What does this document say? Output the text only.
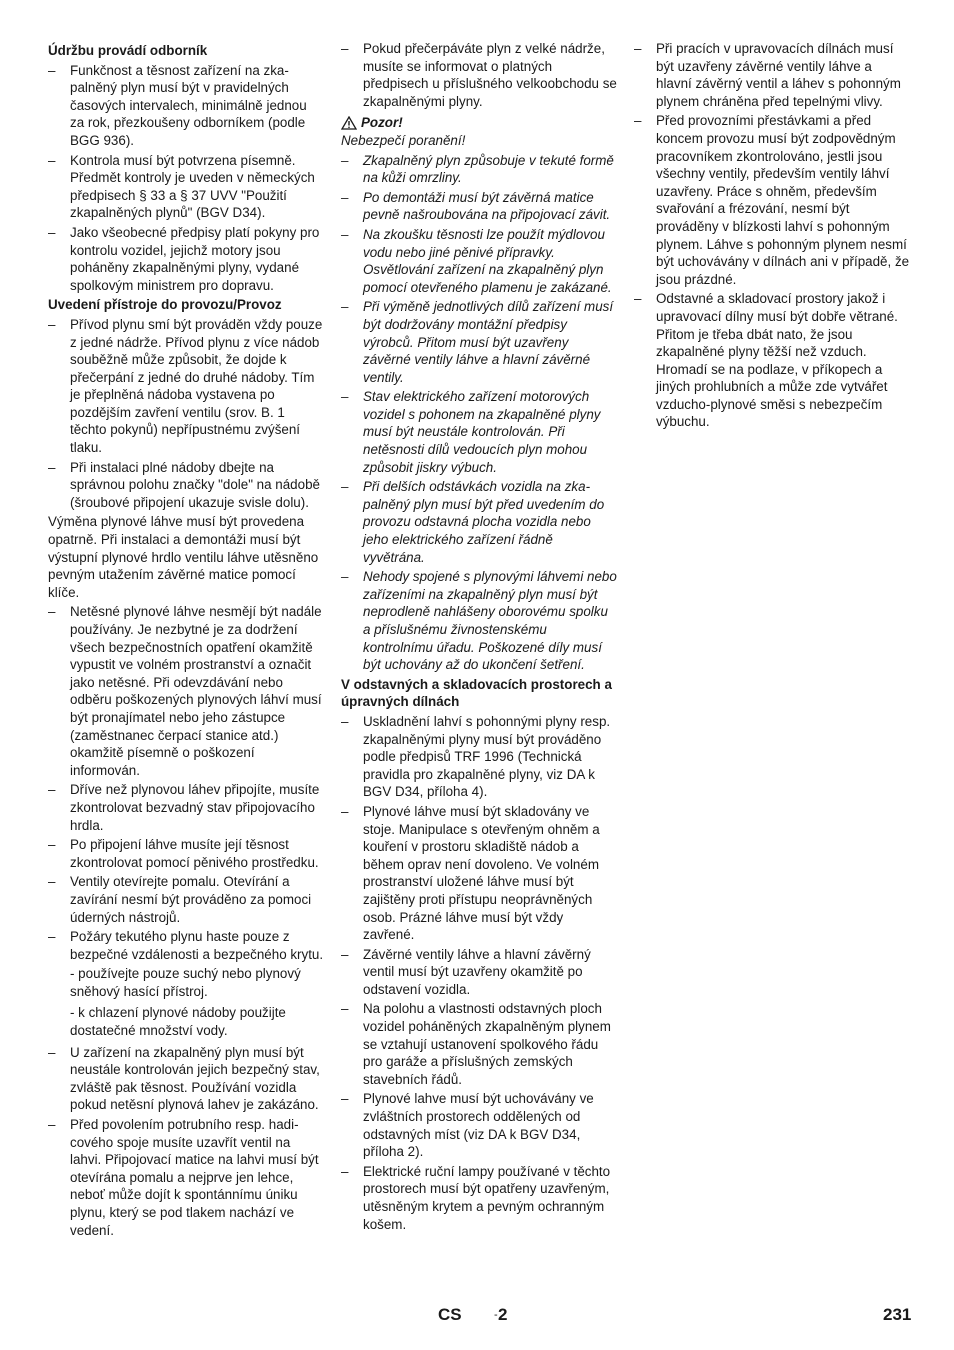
Údržbu provádí odborník
– Funkčnost a těsnost zařízení na zkapalněný plyn musí být v pravidelných časových intervalech, minimálně jednou za rok, přezkoušeny odborníkem (podle BGG 936).
– Kontrola musí být potvrzena písemně. Předmět kontroly je uveden v německých předpisech § 33 a § 37 UVV "Použití zkapalněných plynů" (BGV D34).
– Jako všeobecné předpisy platí pokyny pro kontrolu vozidel, jejichž motory jsou poháněny zkapalněnými plyny, vydané spolkovým ministrem pro dopravu.
Uvedení přístroje do provozu/Provoz
– Přívod plynu smí být prováděn vždy pouze z jedné nádrže. Přívod plynu z více nádob souběžně může způsobit, že dojde k přečerpání z jedné do druhé nádoby. Tím je přeplněná nádoba vystavena po pozdějším zavření ventilu (srov. B. 1 těchto pokynů) nepřípustnému zvýšení tlaku.
– Při instalaci plné nádoby dbejte na správnou polohu značky "dole" na nádobě (šroubové připojení ukazuje svisle dolu).

Výměna plynové láhve musí být provedena opatrně. Při instalaci a demontáži musí být výstupní plynové hrdlo ventilu láhve utěsněno pevným utažením závěrné matice pomocí klíče.

– Netěsné plynové láhve nesmějí být nadále používány. Je nezbytné je za dodržení všech bezpečnostních opatření okamžitě vypustit ve volném prostranství a označit jako netěsné. Při odevzdávání nebo odběru poškozených plynových láhví musí být pronajímatel nebo jeho zástupce (zaměstnanec čerpací stanice atd.) okamžitě písemně o poškození informován.
– Dříve než plynovou láhev připojíte, musíte zkontrolovat bezvadný stav připojovacího hrdla.
– Po připojení láhve musíte její těsnost zkontrolovat pomocí pěnivého prostředku.
– Ventily otevírejte pomalu. Otevírání a zavírání nesmí být prováděno za pomoci úderných nástrojů.
– Požáry tekutého plynu haste pouze z bezpečné vzdálenosti a bezpečného krytu.

- používejte pouze suchý nebo plynový sněhový hasící přístroj.

- k chlazení plynové nádoby použijte dostatečné množství vody.

– U zařízení na zkapalněný plyn musí být neustále kontrolován jejich bezpečný stav, zvláště pak těsnost. Používání vozidla pokud netěsní plynová lahev je zakázáno.
– Před povolením potrubního resp. hadicového spoje musíte uzavřít ventil na lahvi. Připojovací matice na lahvi musí být otevírána pomalu a nejprve jen lehce, neboť může dojít k spontánnímu úniku plynu, který se pod tlakem nachází ve vedení.
– Pokud přečerpáváte plyn z velké nádrže, musíte se informovat o platných předpisech u příslušného velkoobchodu se zkapalněnými plyny.
Pozor!

Nebezpečí poranění!

– Zkapalněný plyn způsobuje v tekuté formě na kůži omrzliny.
– Po demontáži musí být závěrná matice pevně našroubována na připojovací závit.
– Na zkoušku těsnosti lze použít mýdlovou vodu nebo jiné pěnivé přípravky. Osvětlování zařízení na zkapalněný plyn pomocí otevřeného plamenu je zakázané.
– Při výměně jednotlivých dílů zařízení musí být dodržovány montážní předpisy výrobců. Přitom musí být uzavřeny závěrné ventily láhve a hlavní závěrné ventily.
– Stav elektrického zařízení motorových vozidel s pohonem na zkapalněné plyny musí být neustále kontrolován. Při netěsnosti dílů vedoucích plyn mohou způsobit jiskry výbuch.
– Při delších odstávkách vozidla na zkapalněný plyn musí být před uvedením do provozu odstavná plocha vozidla nebo jeho elektrického zařízení řádně vyvětrána.
– Nehody spojené s plynovými láhvemi nebo zařízeními na zkapalněný plyn musí být neprodleně nahlášeny oborovému spolku a příslušnému živnostenskému kontrolnímu úřadu. Poškozené díly musí být uchovány až do ukončení šetření.
V odstavných a skladovacích prostorech a úpravných dílnách
– Uskladnění lahví s pohonnými plyny resp. zkapalněnými plyny musí být prováděno podle předpisů TRF 1996 (Technická pravidla pro zkapalněné plyny, viz DA k BGV D34, příloha 4).
– Plynové láhve musí být skladovány ve stoje. Manipulace s otevřeným ohněm a kouření v prostoru skladiště nádob a během oprav není dovoleno. Ve volném prostranství uložené láhve musí být zajištěny proti přístupu neoprávněných osob. Prázné láhve musí být vždy zavřené.
– Závěrné ventily láhve a hlavní závěrný ventil musí být uzavřeny okamžitě po odstavení vozidla.
– Na polohu a vlastnosti odstavných ploch vozidel poháněných zkapalněným plynem se vztahují ustanovení spolkového řádu pro garáže a příslušných zemských stavebních řádů.
– Plynové lahve musí být uchovávány ve zvláštních prostorech oddělených od odstavných míst (viz DA k BGV D34, příloha 2).
– Elektrické ruční lampy používané v těchto prostorech musí být opatřeny uzavřeným, utěsněným krytem a pevným ochranným košem.
– Při pracích v upravovacích dílnách musí být uzavřeny závěrné ventily láhve a hlavní závěrný ventil a láhev s pohonným plynem chráněna před tepelnými vlivy.
– Před provozními přestávkami a před koncem provozu musí být zodpovědným pracovníkem zkontrolováno, jestli jsou všechny ventily, především ventily láhví uzavřeny. Práce s ohněm, především svařování a frézování, nesmí být prováděny v blízkosti lahví s pohonným plynem. Láhve s pohonným plynem nesmí být uchovávány v dílnách ani v případě, že jsou prázdné.
– Odstavné a skladovací prostory jakož i upravovací dílny musí být dobře větrané. Přitom je třeba dbát nato, že jsou zkapalněné plyny těžší než vzduch. Hromadí se na podlaze, v příkopech a jiných prohlubních a může zde vytvářet vzducho-plynové směsi s nebezpečím výbuchu.
CS	- 2	231
